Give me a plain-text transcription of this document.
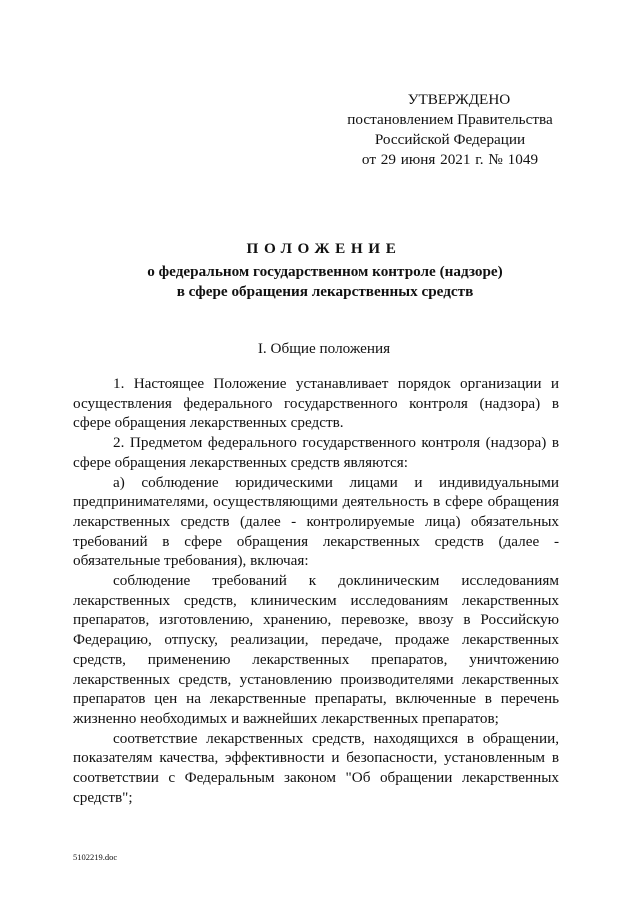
УТВЕРЖДЕНО
постановлением Правительства
Российской Федерации
от 29 июня 2021 г. № 1049
ПОЛОЖЕНИЕ
о федеральном государственном контроле (надзоре)
в сфере обращения лекарственных средств
I. Общие положения

1. Настоящее Положение устанавливает порядок организации и осуществления федерального государственного контроля (надзора) в сфере обращения лекарственных средств.

2. Предметом федерального государственного контроля (надзора) в сфере обращения лекарственных средств являются:

а) соблюдение юридическими лицами и индивидуальными предпринимателями, осуществляющими деятельность в сфере обращения лекарственных средств (далее - контролируемые лица) обязательных требований в сфере обращения лекарственных средств (далее - обязательные требования), включая:

соблюдение требований к доклиническим исследованиям лекарственных средств, клиническим исследованиям лекарственных препаратов, изготовлению, хранению, перевозке, ввозу в Российскую Федерацию, отпуску, реализации, передаче, продаже лекарственных средств, применению лекарственных препаратов, уничтожению лекарственных средств, установлению производителями лекарственных препаратов цен на лекарственные препараты, включенные в перечень жизненно необходимых и важнейших лекарственных препаратов;

соответствие лекарственных средств, находящихся в обращении, показателям качества, эффективности и безопасности, установленным в соответствии с Федеральным законом "Об обращении лекарственных средств";

5102219.doc
